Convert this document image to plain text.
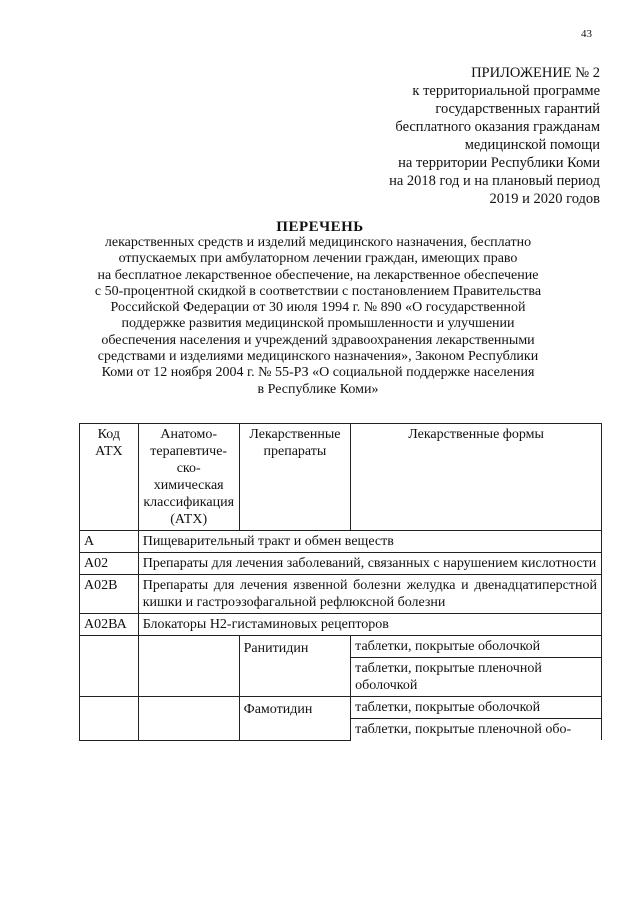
43
ПРИЛОЖЕНИЕ № 2
к территориальной программе
государственных гарантий
бесплатного оказания гражданам
медицинской помощи
на территории Республики Коми
на 2018 год и на плановый период
2019 и 2020 годов
ПЕРЕЧЕНЬ
лекарственных средств и изделий медицинского назначения, бесплатно
отпускаемых при амбулаторном лечении граждан, имеющих право
на бесплатное лекарственное обеспечение, на лекарственное обеспечение
с 50-процентной скидкой в соответствии с постановлением Правительства
Российской Федерации от 30 июля 1994 г. № 890 «О государственной
поддержке развития медицинской промышленности и улучшении
обеспечения населения и учреждений здравоохранения лекарственными
средствами и изделиями медицинского назначения», Законом Республики
Коми от 12 ноября 2004 г. № 55-РЗ «О социальной поддержке населения
в Республике Коми»
Код АТХ	Анатомо-терапевтиче-ско-химическая классификация (АТХ)	Лекарственные препараты	Лекарственные формы
А	Пищеварительный тракт и обмен веществ		
А02	Препараты для лечения заболеваний, связанных с нарушением кислотности		
А02В	Препараты для лечения язвенной болезни желудка и двенадцатиперстной кишки и гастроэзофагальной рефлюксной болезни		
А02ВА	Блокаторы Н2-гистаминовых рецепторов		
		Ранитидин	таблетки, покрытые оболочкой
			таблетки, покрытые пленочной оболочкой
		Фамотидин	таблетки, покрытые оболочкой
			таблетки, покрытые пленочной обо-
